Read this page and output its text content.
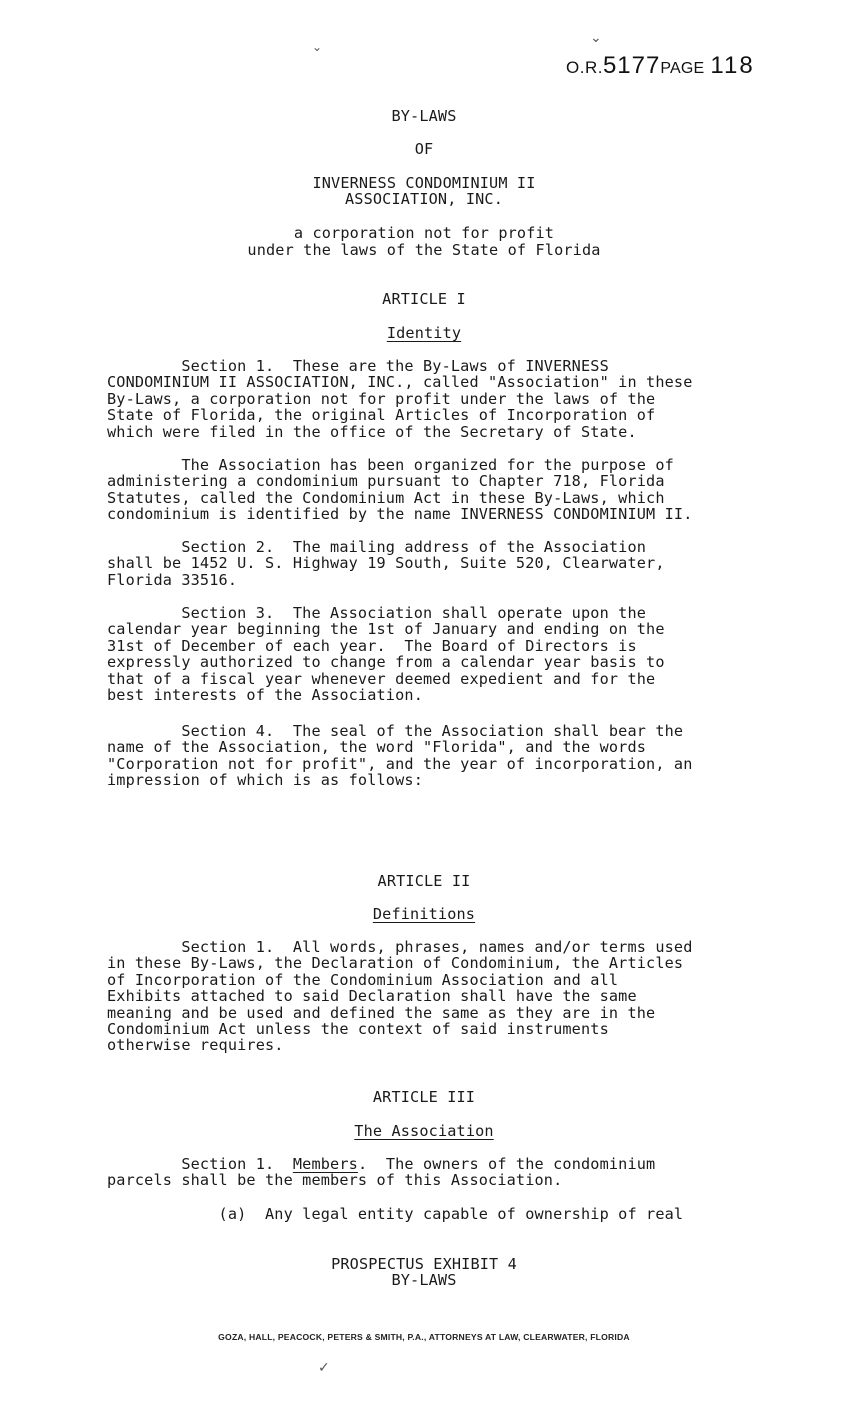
⌄
⌄
O.R.5177PAGE 118
BY-LAWS
OF
INVERNESS CONDOMINIUM II
ASSOCIATION, INC.
a corporation not for profit
under the laws of the State of Florida
ARTICLE I
Identity
Section 1.  These are the By-Laws of INVERNESS
CONDOMINIUM II ASSOCIATION, INC., called "Association" in these
By-Laws, a corporation not for profit under the laws of the
State of Florida, the original Articles of Incorporation of
which were filed in the office of the Secretary of State.
The Association has been organized for the purpose of
administering a condominium pursuant to Chapter 718, Florida
Statutes, called the Condominium Act in these By-Laws, which
condominium is identified by the name INVERNESS CONDOMINIUM II.
Section 2.  The mailing address of the Association
shall be 1452 U. S. Highway 19 South, Suite 520, Clearwater,
Florida 33516.
Section 3.  The Association shall operate upon the
calendar year beginning the 1st of January and ending on the
31st of December of each year.  The Board of Directors is
expressly authorized to change from a calendar year basis to
that of a fiscal year whenever deemed expedient and for the
best interests of the Association.
Section 4.  The seal of the Association shall bear the
name of the Association, the word "Florida", and the words
"Corporation not for profit", and the year of incorporation, an
impression of which is as follows:
ARTICLE II
Definitions
Section 1.  All words, phrases, names and/or terms used
in these By-Laws, the Declaration of Condominium, the Articles
of Incorporation of the Condominium Association and all
Exhibits attached to said Declaration shall have the same
meaning and be used and defined the same as they are in the
Condominium Act unless the context of said instruments
otherwise requires.
ARTICLE III
The Association
Section 1.  Members.  The owners of the condominium
parcels shall be the members of this Association.
(a)  Any legal entity capable of ownership of real
PROSPECTUS EXHIBIT 4
BY-LAWS
GOZA, HALL, PEACOCK, PETERS & SMITH, P.A., ATTORNEYS AT LAW, CLEARWATER, FLORIDA
✓
